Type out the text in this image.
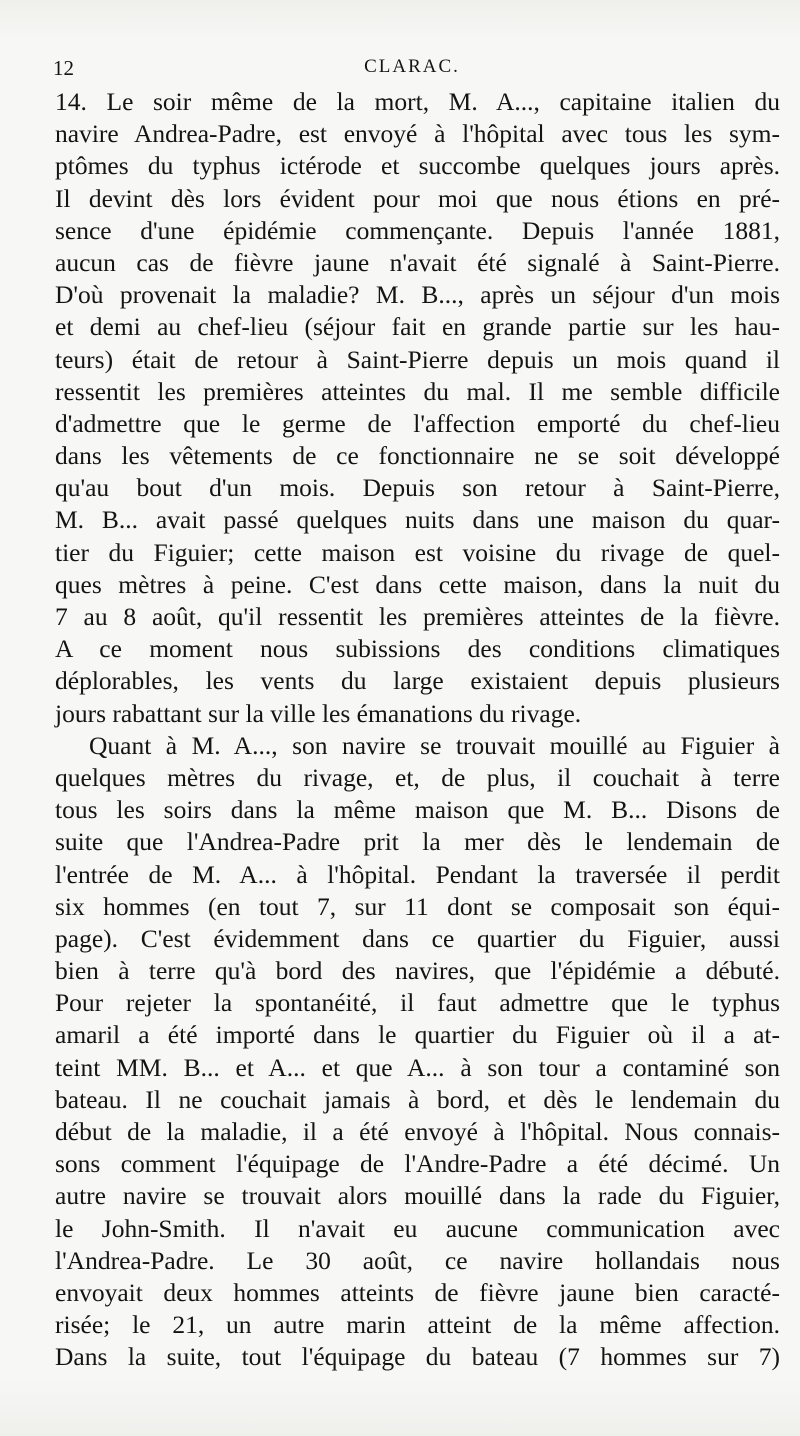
12	CLARAC.
14. Le soir même de la mort, M. A..., capitaine italien du
navire Andrea-Padre, est envoyé à l'hôpital avec tous les sym-
ptômes du typhus ictérode et succombe quelques jours après.
Il devint dès lors évident pour moi que nous étions en pré-
sence d'une épidémie commençante. Depuis l'année 1881,
aucun cas de fièvre jaune n'avait été signalé à Saint-Pierre.
D'où provenait la maladie? M. B..., après un séjour d'un mois
et demi au chef-lieu (séjour fait en grande partie sur les hau-
teurs) était de retour à Saint-Pierre depuis un mois quand il
ressentit les premières atteintes du mal. Il me semble difficile
d'admettre que le germe de l'affection emporté du chef-lieu
dans les vêtements de ce fonctionnaire ne se soit développé
qu'au bout d'un mois. Depuis son retour à Saint-Pierre,
M. B... avait passé quelques nuits dans une maison du quar-
tier du Figuier; cette maison est voisine du rivage de quel-
ques mètres à peine. C'est dans cette maison, dans la nuit du
7 au 8 août, qu'il ressentit les premières atteintes de la fièvre.
A ce moment nous subissions des conditions climatiques
déplorables, les vents du large existaient depuis plusieurs
jours rabattant sur la ville les émanations du rivage.
Quant à M. A..., son navire se trouvait mouillé au Figuier à
quelques mètres du rivage, et, de plus, il couchait à terre
tous les soirs dans la même maison que M. B... Disons de
suite que l'Andrea-Padre prit la mer dès le lendemain de
l'entrée de M. A... à l'hôpital. Pendant la traversée il perdit
six hommes (en tout 7, sur 11 dont se composait son équi-
page). C'est évidemment dans ce quartier du Figuier, aussi
bien à terre qu'à bord des navires, que l'épidémie a débuté.
Pour rejeter la spontanéité, il faut admettre que le typhus
amaril a été importé dans le quartier du Figuier où il a at-
teint MM. B... et A... et que A... à son tour a contaminé son
bateau. Il ne couchait jamais à bord, et dès le lendemain du
début de la maladie, il a été envoyé à l'hôpital. Nous connais-
sons comment l'équipage de l'Andre-Padre a été décimé. Un
autre navire se trouvait alors mouillé dans la rade du Figuier,
le John-Smith. Il n'avait eu aucune communication avec
l'Andrea-Padre. Le 30 août, ce navire hollandais nous
envoyait deux hommes atteints de fièvre jaune bien caracté-
risée; le 21, un autre marin atteint de la même affection.
Dans la suite, tout l'équipage du bateau (7 hommes sur 7)
